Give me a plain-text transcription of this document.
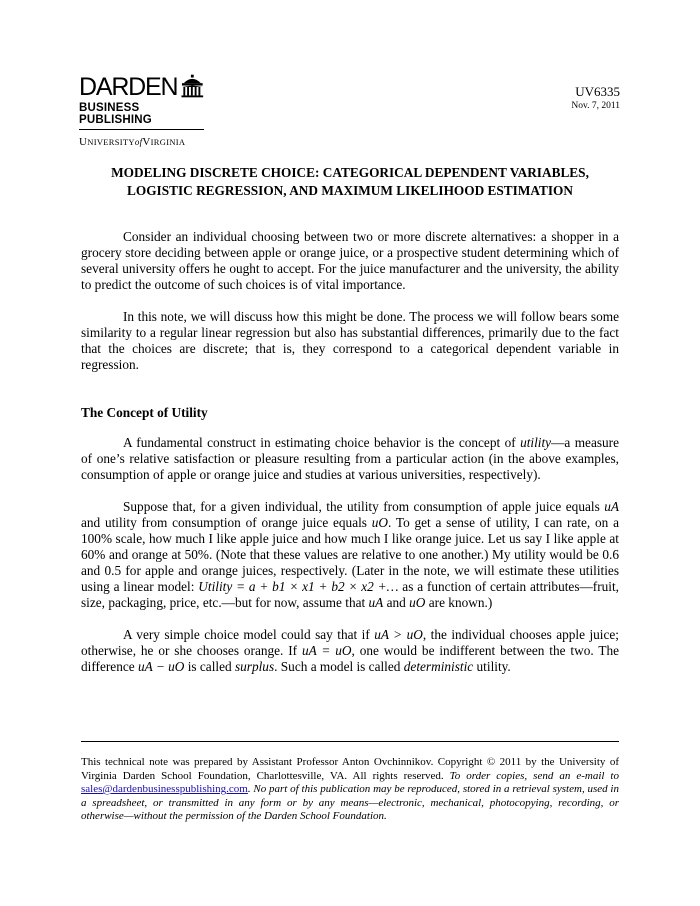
DARDEN
BUSINESS PUBLISHING
UNIVERSITYofVIRGINIA
UV6335
Nov. 7, 2011
MODELING DISCRETE CHOICE: CATEGORICAL DEPENDENT VARIABLES,
LOGISTIC REGRESSION, AND MAXIMUM LIKELIHOOD ESTIMATION

Consider an individual choosing between two or more discrete alternatives: a shopper in a grocery store deciding between apple or orange juice, or a prospective student determining which of several university offers he ought to accept. For the juice manufacturer and the university, the ability to predict the outcome of such choices is of vital importance.

In this note, we will discuss how this might be done. The process we will follow bears some similarity to a regular linear regression but also has substantial differences, primarily due to the fact that the choices are discrete; that is, they correspond to a categorical dependent variable in regression.

The Concept of Utility

A fundamental construct in estimating choice behavior is the concept of utility—a measure of one’s relative satisfaction or pleasure resulting from a particular action (in the above examples, consumption of apple or orange juice and studies at various universities, respectively).

Suppose that, for a given individual, the utility from consumption of apple juice equals uA and utility from consumption of orange juice equals uO. To get a sense of utility, I can rate, on a 100% scale, how much I like apple juice and how much I like orange juice. Let us say I like apple at 60% and orange at 50%. (Note that these values are relative to one another.) My utility would be 0.6 and 0.5 for apple and orange juices, respectively. (Later in the note, we will estimate these utilities using a linear model: Utility = a + b1 × x1 + b2 × x2 +… as a function of certain attributes—fruit, size, packaging, price, etc.—but for now, assume that uA and uO are known.)

A very simple choice model could say that if uA > uO, the individual chooses apple juice; otherwise, he or she chooses orange. If uA = uO, one would be indifferent between the two. The difference uA − uO is called surplus. Such a model is called deterministic utility.

This technical note was prepared by Assistant Professor Anton Ovchinnikov. Copyright © 2011 by the University of Virginia Darden School Foundation, Charlottesville, VA. All rights reserved. To order copies, send an e-mail to sales@dardenbusinesspublishing.com. No part of this publication may be reproduced, stored in a retrieval system, used in a spreadsheet, or transmitted in any form or by any means—electronic, mechanical, photocopying, recording, or otherwise—without the permission of the Darden School Foundation.
